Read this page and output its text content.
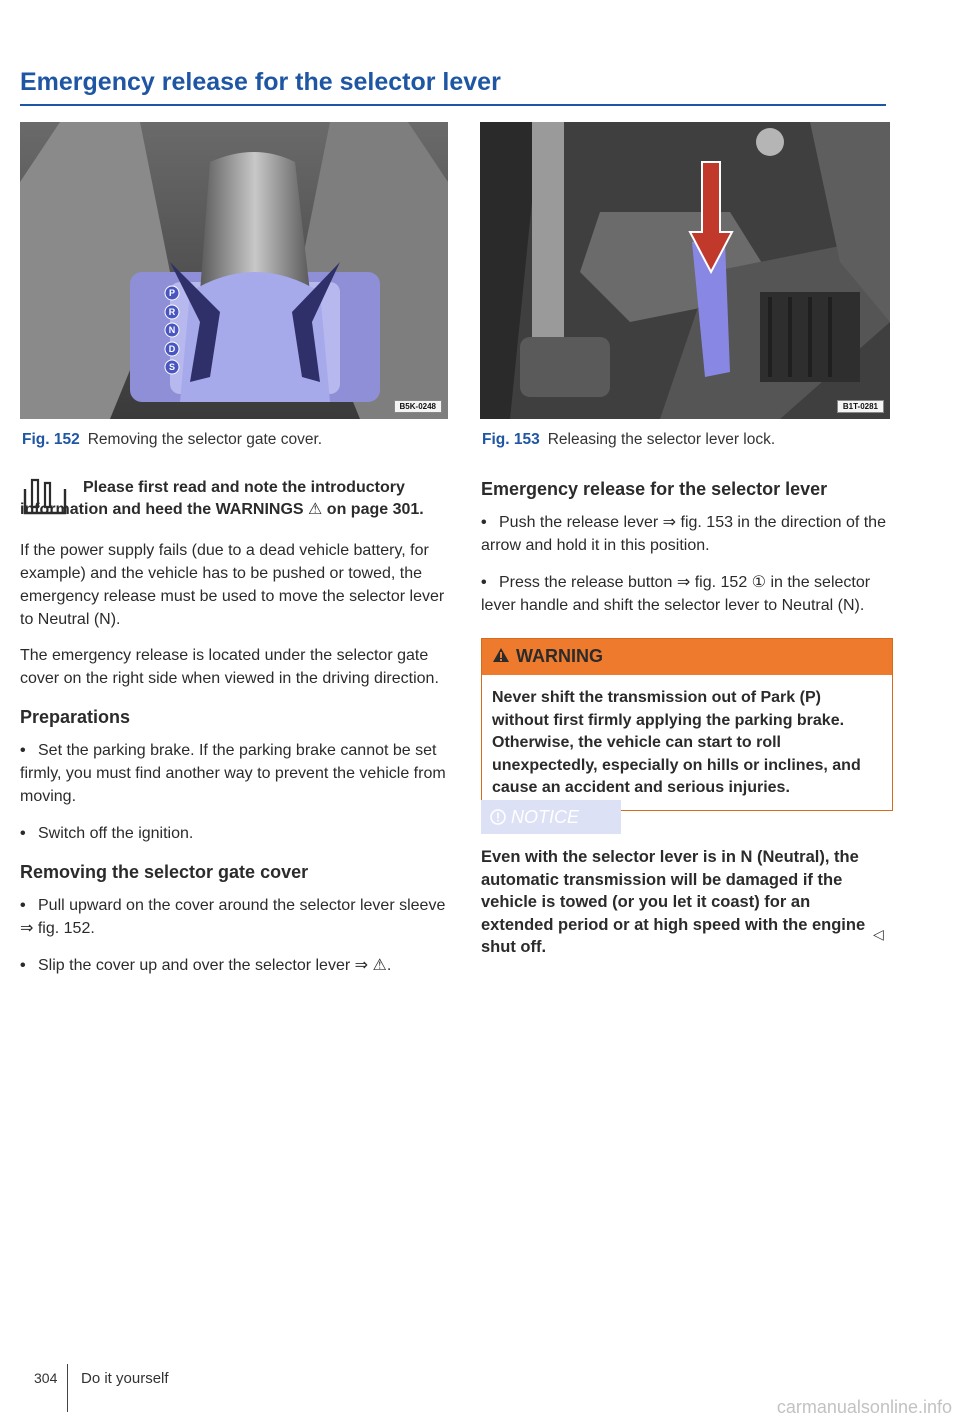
Emergency release for the selector lever
P
R
N
D
S
B5K-0248
Fig. 152 Removing the selector gate cover.
B1T-0281
Fig. 153 Releasing the selector lever lock.
Please first read and note the introductory information and heed the WARNINGS ⚠ on page 301.

If the power supply fails (due to a dead vehicle battery, for example) and the vehicle has to be pushed or towed, the emergency release must be used to move the selector lever to Neutral (N).

The emergency release is located under the selector gate cover on the right side when viewed in the driving direction.

Preparations
• Set the parking brake. If the parking brake cannot be set firmly, you must find another way to prevent the vehicle from moving.
• Switch off the ignition.
Removing the selector gate cover
• Pull upward on the cover around the selector lever sleeve ⇒ fig. 152.
• Slip the cover up and over the selector lever ⇒ ⚠.
Emergency release for the selector lever
• Push the release lever ⇒ fig. 153 in the direction of the arrow and hold it in this position.
• Press the release button ⇒ fig. 152 ① in the selector lever handle and shift the selector lever to Neutral (N).
WARNING
Never shift the transmission out of Park (P) without first firmly applying the parking brake. Otherwise, the vehicle can start to roll unexpectedly, especially on hills or inclines, and cause an accident and serious injuries.
NOTICE
Even with the selector lever is in N (Neutral), the automatic transmission will be damaged if the vehicle is towed (or you let it coast) for an extended period or at high speed with the engine shut off.
◁
304 Do it yourself
carmanualsonline.info
